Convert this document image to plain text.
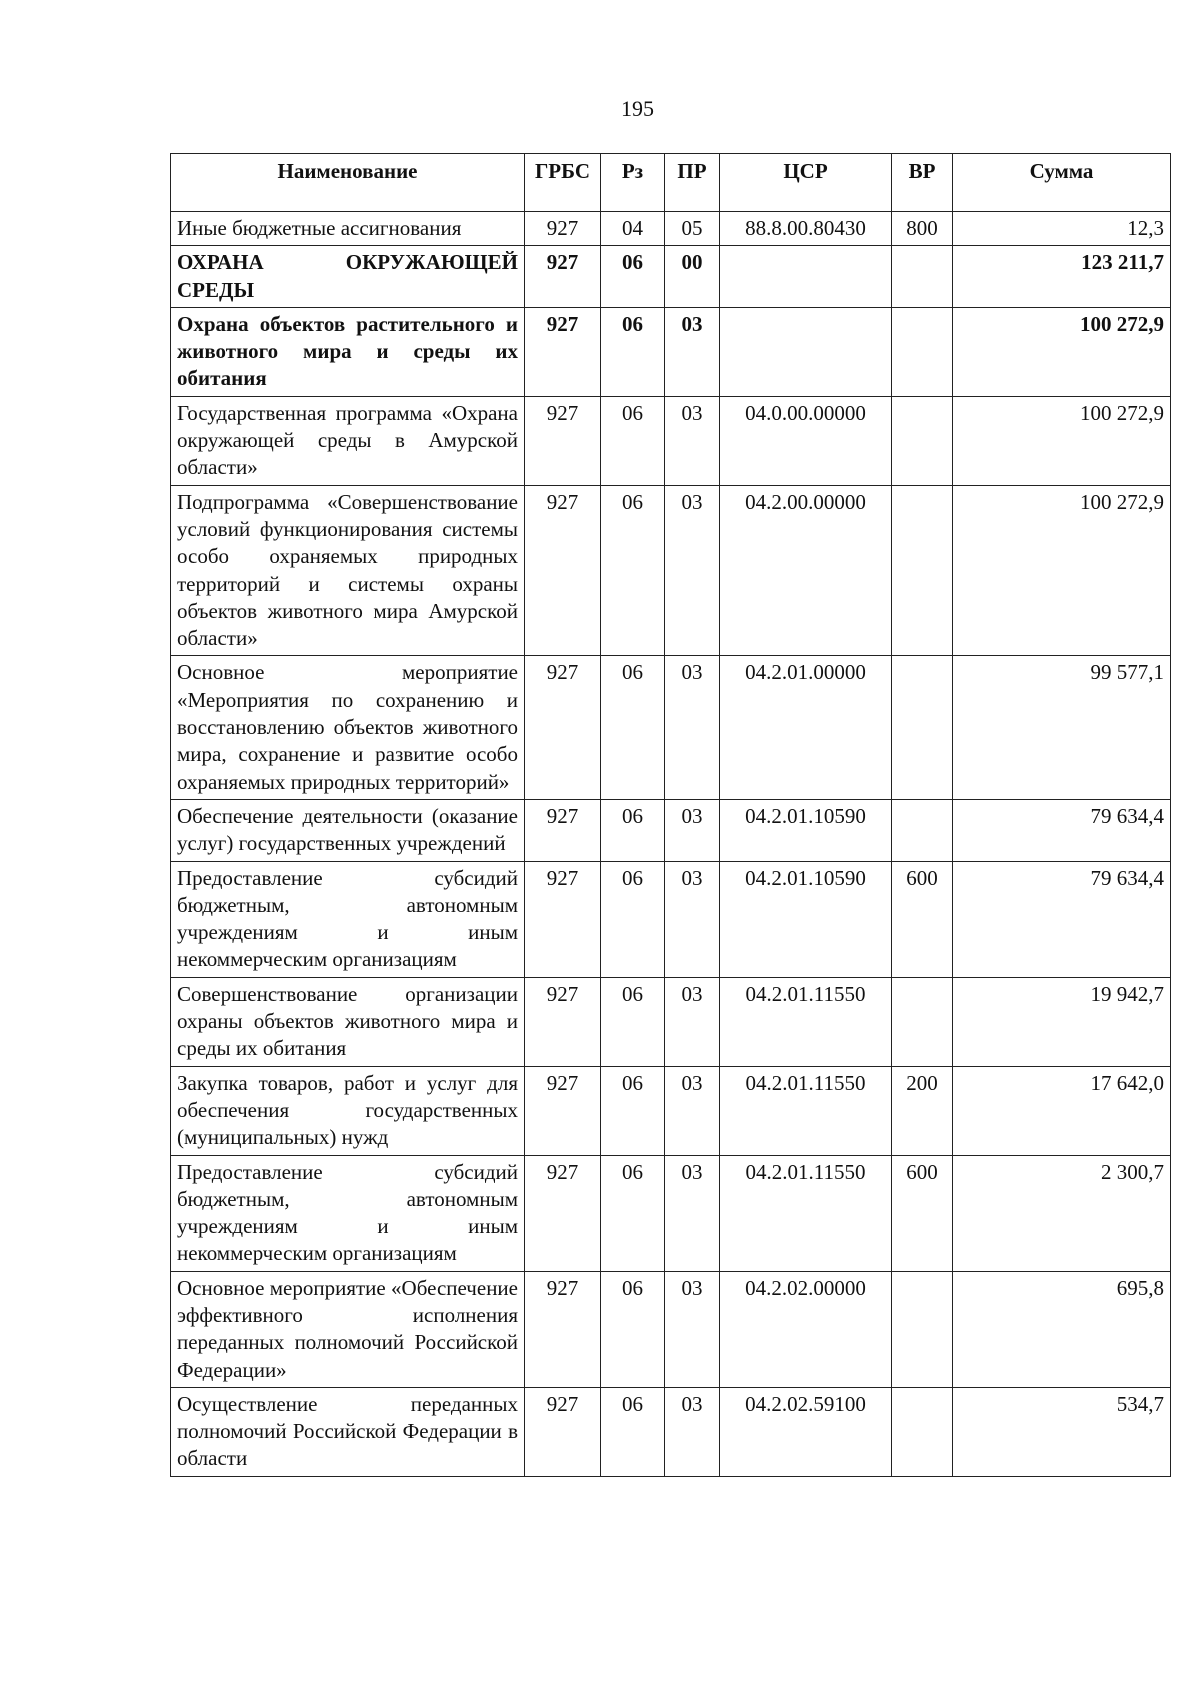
195
Наименование	ГРБС	Рз	ПР	ЦСР	ВР	Сумма
Иные бюджетные ассигнования	927	04	05	88.8.00.80430	800	12,3
ОХРАНА ОКРУЖАЮЩЕЙ СРЕДЫ	927	06	00			123 211,7
Охрана объектов растительного и животного мира и среды их обитания	927	06	03			100 272,9
Государственная программа «Охрана окружающей среды в Амурской области»	927	06	03	04.0.00.00000		100 272,9
Подпрограмма «Совершенствование условий функционирования системы особо охраняемых природных территорий и системы охраны объектов животного мира Амурской области»	927	06	03	04.2.00.00000		100 272,9
Основное мероприятие «Мероприятия по сохранению и восстановлению объектов животного мира, сохранение и развитие особо охраняемых природных территорий»	927	06	03	04.2.01.00000		99 577,1
Обеспечение деятельности (оказание услуг) государственных учреждений	927	06	03	04.2.01.10590		79 634,4
Предоставление субсидий бюджетным, автономным учреждениям и иным некоммерческим организациям	927	06	03	04.2.01.10590	600	79 634,4
Совершенствование организации охраны объектов животного мира и среды их обитания	927	06	03	04.2.01.11550		19 942,7
Закупка товаров, работ и услуг для обеспечения государственных (муниципальных) нужд	927	06	03	04.2.01.11550	200	17 642,0
Предоставление субсидий бюджетным, автономным учреждениям и иным некоммерческим организациям	927	06	03	04.2.01.11550	600	2 300,7
Основное мероприятие «Обеспечение эффективного исполнения переданных полномочий Российской Федерации»	927	06	03	04.2.02.00000		695,8
Осуществление переданных полномочий Российской Федерации в области	927	06	03	04.2.02.59100		534,7
